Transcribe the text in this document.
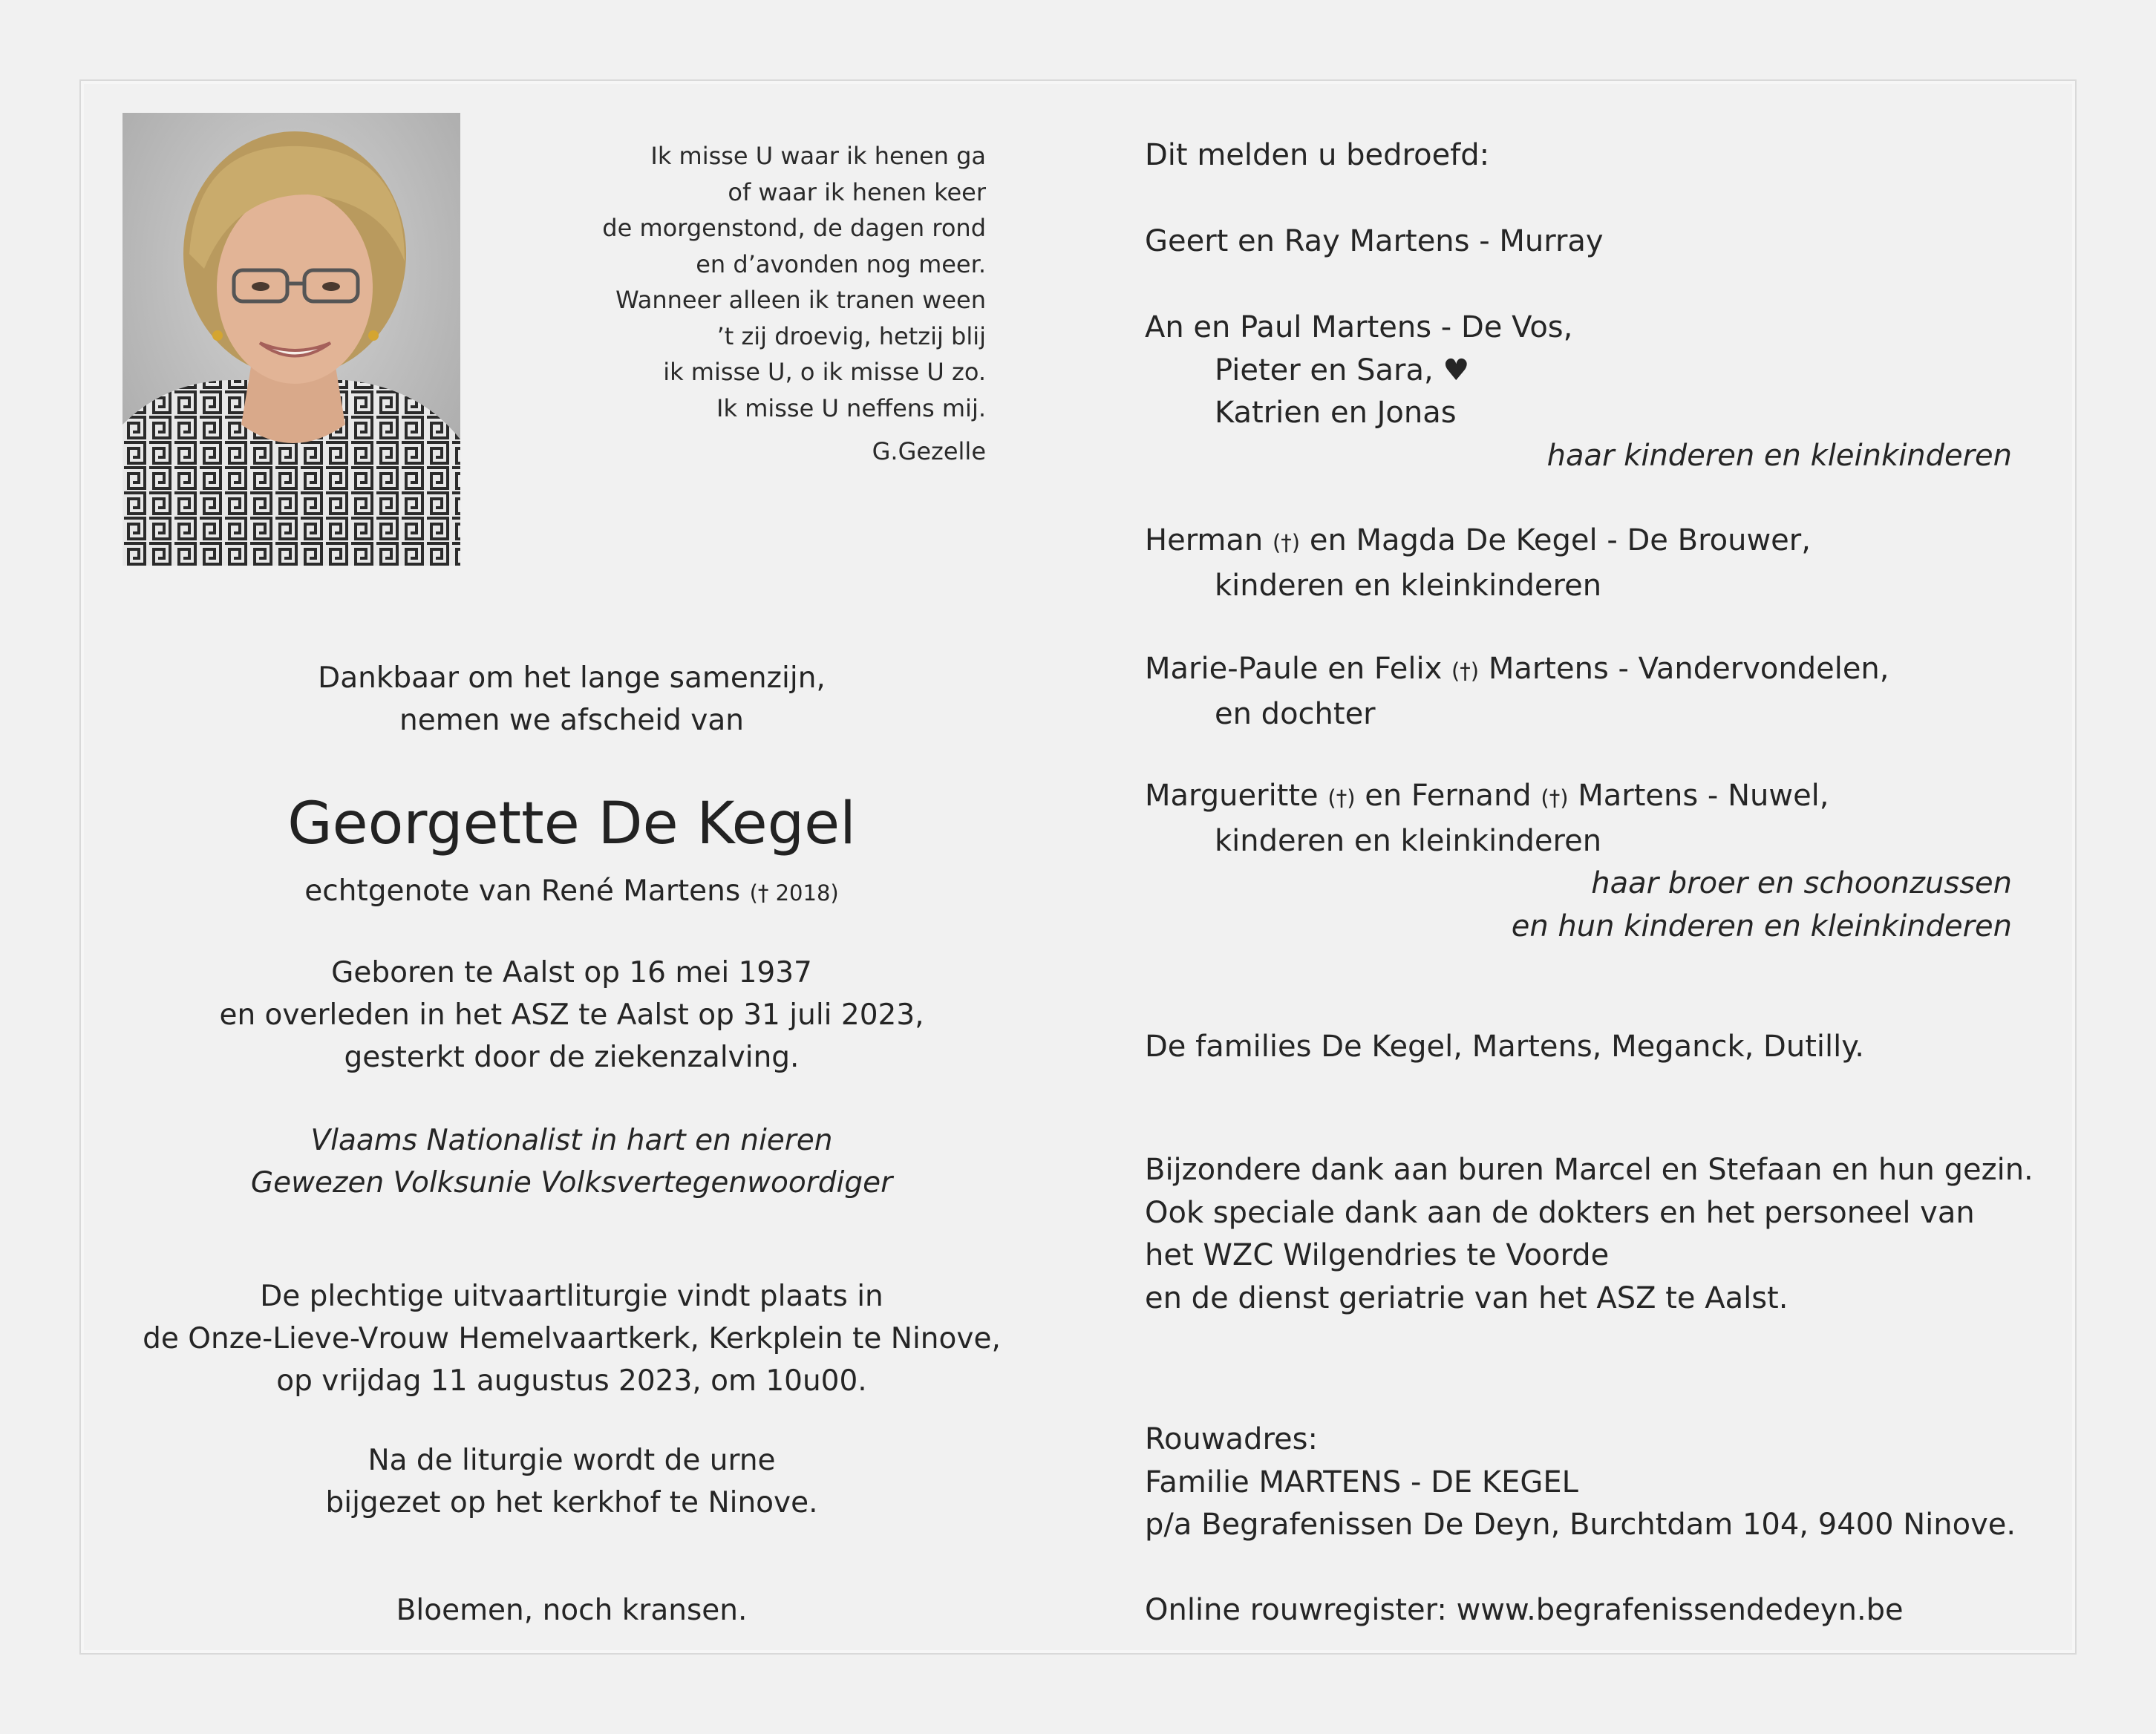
Ik misse U waar ik henen ga
of waar ik henen keer
de morgenstond, de dagen rond
en d’avonden nog meer.
Wanneer alleen ik tranen ween
’t zij droevig, hetzij blij
ik misse U, o ik misse U zo.
Ik misse U neffens mij.
G.Gezelle
Dankbaar om het lange samenzijn,
nemen we afscheid van
Georgette De Kegel
echtgenote van René Martens († 2018)
Geboren te Aalst op 16 mei 1937
en overleden in het ASZ te Aalst op 31 juli 2023,
gesterkt door de ziekenzalving.
Vlaams Nationalist in hart en nieren
Gewezen Volksunie Volksvertegenwoordiger
De plechtige uitvaartliturgie vindt plaats in
de Onze-Lieve-Vrouw Hemelvaartkerk, Kerkplein te Ninove,
op vrijdag 11 augustus 2023, om 10u00.
Na de liturgie wordt de urne
bijgezet op het kerkhof te Ninove.
Bloemen, noch kransen.
Dit melden u bedroefd:
Geert en Ray Martens - Murray
An en Paul Martens - De Vos,
Pieter en Sara, ♥
Katrien en Jonas
haar kinderen en kleinkinderen
Herman (†) en Magda De Kegel - De Brouwer,
kinderen en kleinkinderen
Marie-Paule en Felix (†) Martens - Vandervondelen,
en dochter
Margueritte (†) en Fernand (†) Martens - Nuwel,
kinderen en kleinkinderen
haar broer en schoonzussen
en hun kinderen en kleinkinderen
De families De Kegel, Martens, Meganck, Dutilly.
Bijzondere dank aan buren Marcel en Stefaan en hun gezin.
Ook speciale dank aan de dokters en het personeel van
het WZC Wilgendries te Voorde
en de dienst geriatrie van het ASZ te Aalst.
Rouwadres:
Familie MARTENS - DE KEGEL
p/a Begrafenissen De Deyn, Burchtdam 104, 9400 Ninove.
Online rouwregister: www.begrafenissendedeyn.be
